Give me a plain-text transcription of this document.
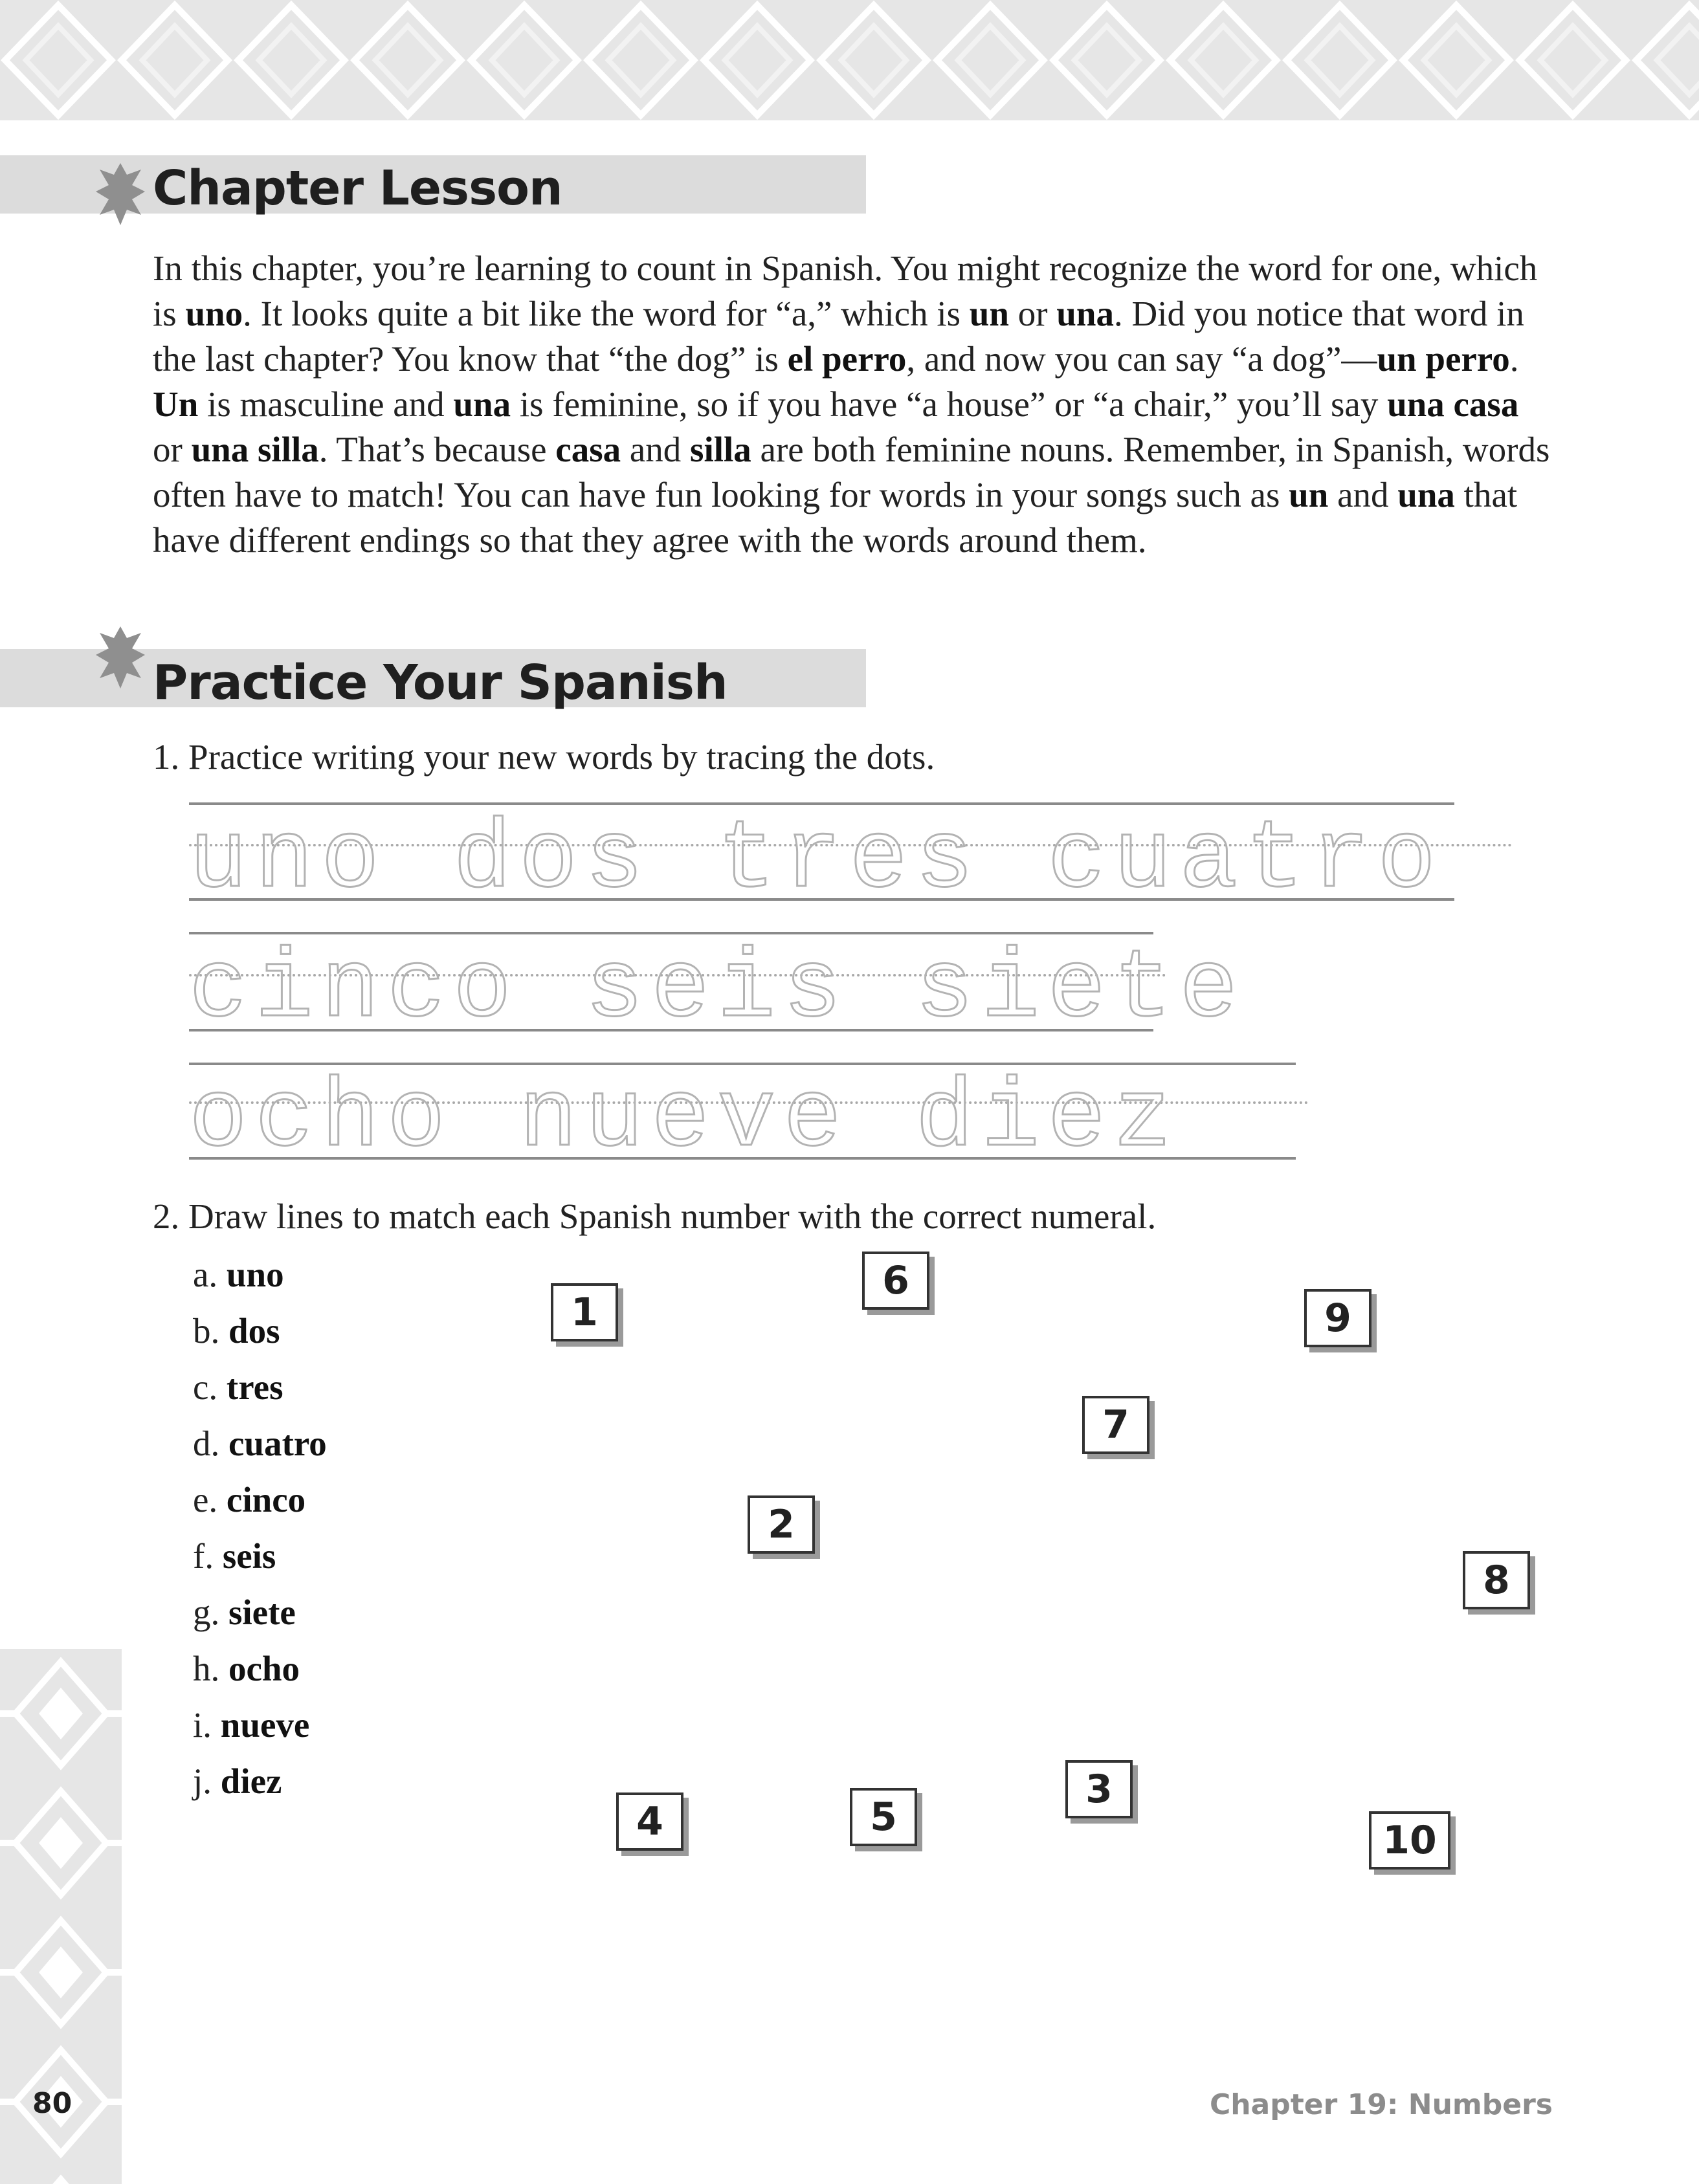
Chapter Lesson

In this chapter, you’re learning to count in Spanish. You might recognize the word for one, which is uno. It looks quite a bit like the word for “a,” which is un or una. Did you notice that word in the last chapter? You know that “the dog” is el perro, and now you can say “a dog”—un perro. Un is masculine and una is feminine, so if you have “a house” or “a chair,” you’ll say una casa or una silla. That’s because casa and silla are both feminine nouns. Remember, in Spanish, words often have to match! You can have fun looking for words in your songs such as un and una that have different endings so that they agree with the words around them.

Practice Your Spanish
1. Practice writing your new words by tracing the dots.
uno dos tres cuatro
cinco seis siete
ocho nueve diez
2. Draw lines to match each Spanish number with the correct numeral.
a. uno
b. dos
c. tres
d. cuatro
e. cinco
f. seis
g. siete
h. ocho
i. nueve
j. diez
1
6
9
7
2
8
3
4	5
10
80	Chapter 19: Numbers
